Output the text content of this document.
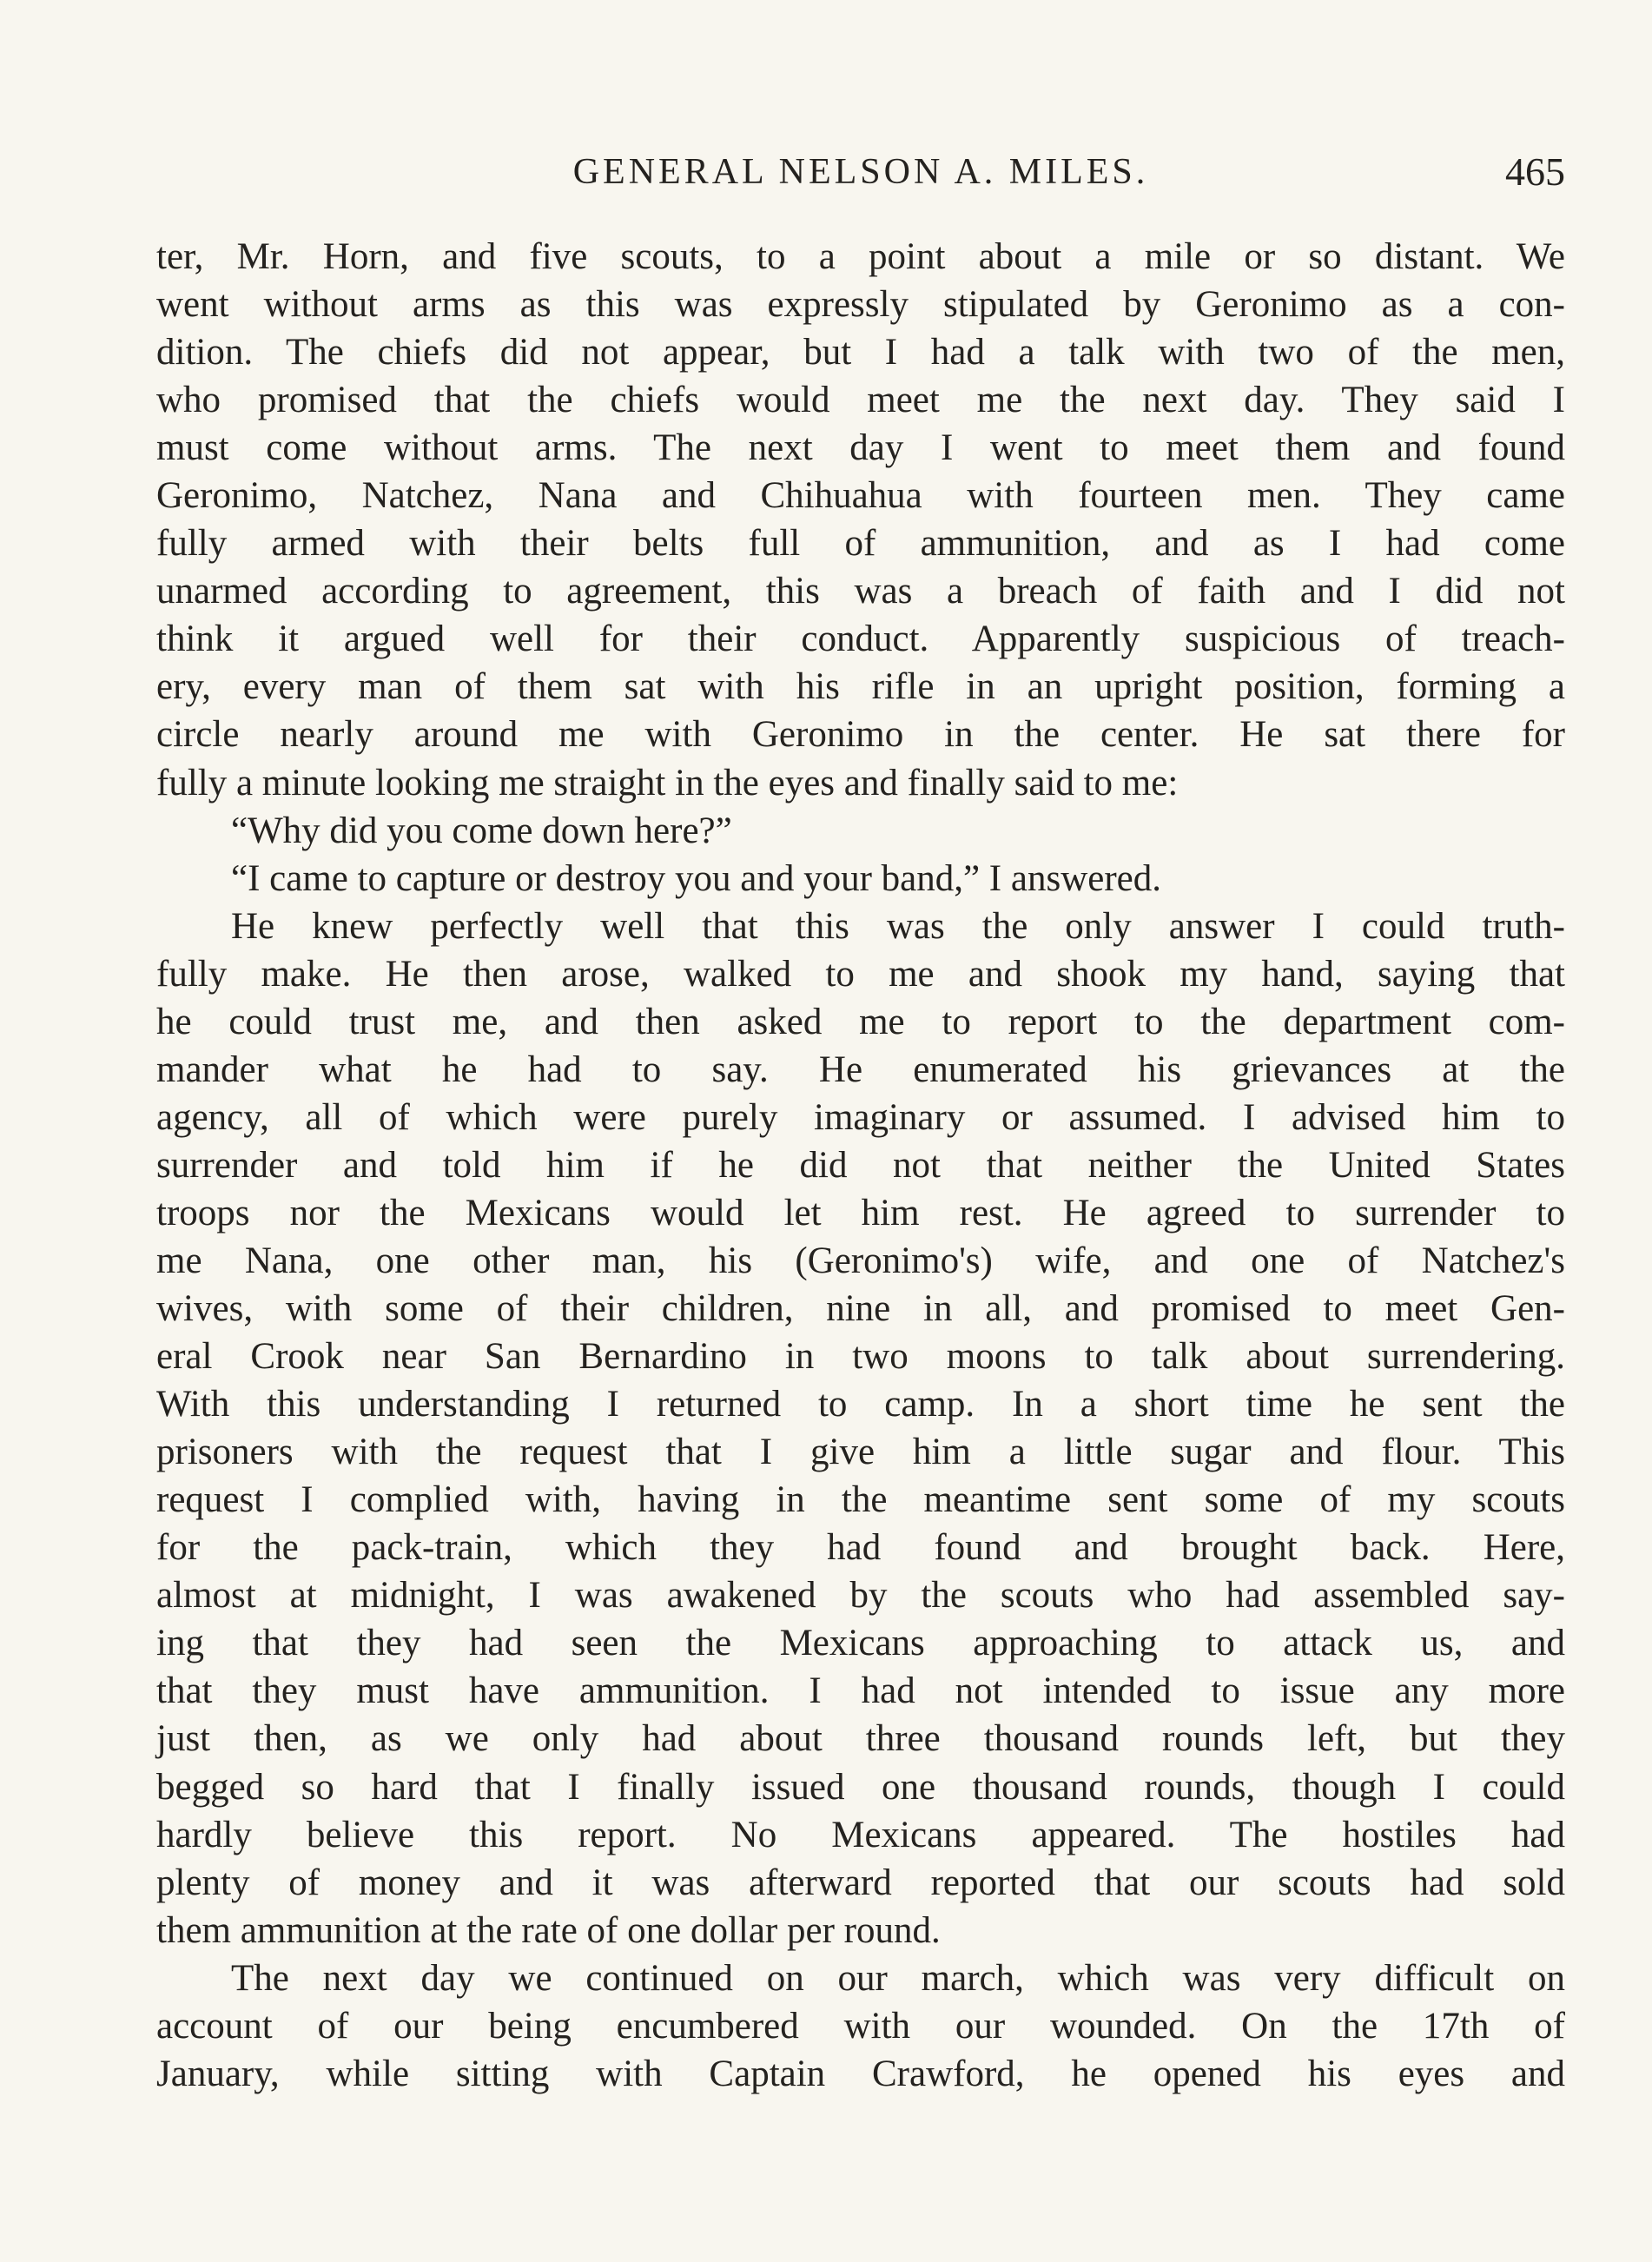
GENERAL NELSON A. MILES.	465
ter, Mr. Horn, and five scouts, to a point about a mile or so distant. We
went without arms as this was expressly stipulated by Geronimo as a con-
dition. The chiefs did not appear, but I had a talk with two of the men,
who promised that the chiefs would meet me the next day. They said I
must come without arms. The next day I went to meet them and found
Geronimo, Natchez, Nana and Chihuahua with fourteen men. They came
fully armed with their belts full of ammunition, and as I had come
unarmed according to agreement, this was a breach of faith and I did not
think it argued well for their conduct. Apparently suspicious of treach-
ery, every man of them sat with his rifle in an upright position, forming a
circle nearly around me with Geronimo in the center. He sat there for
fully a minute looking me straight in the eyes and finally said to me:
“Why did you come down here?”
“I came to capture or destroy you and your band,” I answered.
He knew perfectly well that this was the only answer I could truth-
fully make. He then arose, walked to me and shook my hand, saying that
he could trust me, and then asked me to report to the department com-
mander what he had to say. He enumerated his grievances at the
agency, all of which were purely imaginary or assumed. I advised him to
surrender and told him if he did not that neither the United States
troops nor the Mexicans would let him rest. He agreed to surrender to
me Nana, one other man, his (Geronimo's) wife, and one of Natchez's
wives, with some of their children, nine in all, and promised to meet Gen-
eral Crook near San Bernardino in two moons to talk about surrendering.
With this understanding I returned to camp. In a short time he sent the
prisoners with the request that I give him a little sugar and flour. This
request I complied with, having in the meantime sent some of my scouts
for the pack-train, which they had found and brought back. Here,
almost at midnight, I was awakened by the scouts who had assembled say-
ing that they had seen the Mexicans approaching to attack us, and
that they must have ammunition. I had not intended to issue any more
just then, as we only had about three thousand rounds left, but they
begged so hard that I finally issued one thousand rounds, though I could
hardly believe this report. No Mexicans appeared. The hostiles had
plenty of money and it was afterward reported that our scouts had sold
them ammunition at the rate of one dollar per round.
The next day we continued on our march, which was very difficult on
account of our being encumbered with our wounded. On the 17th of
January, while sitting with Captain Crawford, he opened his eyes and
